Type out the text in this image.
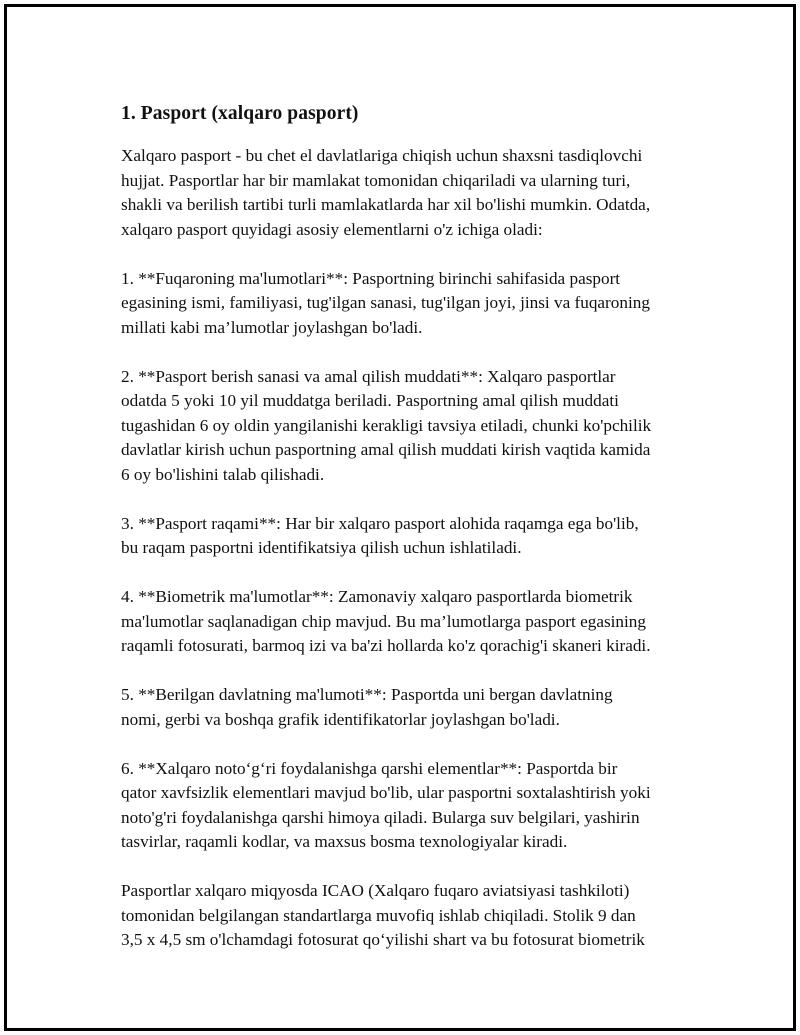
1. Pasport (xalqaro pasport)

Xalqaro pasport - bu chet el davlatlariga chiqish uchun shaxsni tasdiqlovchi
hujjat. Pasportlar har bir mamlakat tomonidan chiqariladi va ularning turi,
shakli va berilish tartibi turli mamlakatlarda har xil bo'lishi mumkin. Odatda,
xalqaro pasport quyidagi asosiy elementlarni o'z ichiga oladi:

1. **Fuqaroning ma'lumotlari**: Pasportning birinchi sahifasida pasport
egasining ismi, familiyasi, tug'ilgan sanasi, tug'ilgan joyi, jinsi va fuqaroning
millati kabi ma’lumotlar joylashgan bo'ladi.

2. **Pasport berish sanasi va amal qilish muddati**: Xalqaro pasportlar
odatda 5 yoki 10 yil muddatga beriladi. Pasportning amal qilish muddati
tugashidan 6 oy oldin yangilanishi kerakligi tavsiya etiladi, chunki ko'pchilik
davlatlar kirish uchun pasportning amal qilish muddati kirish vaqtida kamida
6 oy bo'lishini talab qilishadi.

3. **Pasport raqami**: Har bir xalqaro pasport alohida raqamga ega bo'lib,
bu raqam pasportni identifikatsiya qilish uchun ishlatiladi.

4. **Biometrik ma'lumotlar**: Zamonaviy xalqaro pasportlarda biometrik
ma'lumotlar saqlanadigan chip mavjud. Bu ma’lumotlarga pasport egasining
raqamli fotosurati, barmoq izi va ba'zi hollarda ko'z qorachig'i skaneri kiradi.

5. **Berilgan davlatning ma'lumoti**: Pasportda uni bergan davlatning
nomi, gerbi va boshqa grafik identifikatorlar joylashgan bo'ladi.

6. **Xalqaro noto‘g‘ri foydalanishga qarshi elementlar**: Pasportda bir
qator xavfsizlik elementlari mavjud bo'lib, ular pasportni soxtalashtirish yoki
noto'g'ri foydalanishga qarshi himoya qiladi. Bularga suv belgilari, yashirin
tasvirlar, raqamli kodlar, va maxsus bosma texnologiyalar kiradi.

Pasportlar xalqaro miqyosda ICAO (Xalqaro fuqaro aviatsiyasi tashkiloti)
tomonidan belgilangan standartlarga muvofiq ishlab chiqiladi. Stolik 9 dan
3,5 x 4,5 sm o'lchamdagi fotosurat qo‘yilishi shart va bu fotosurat biometrik
